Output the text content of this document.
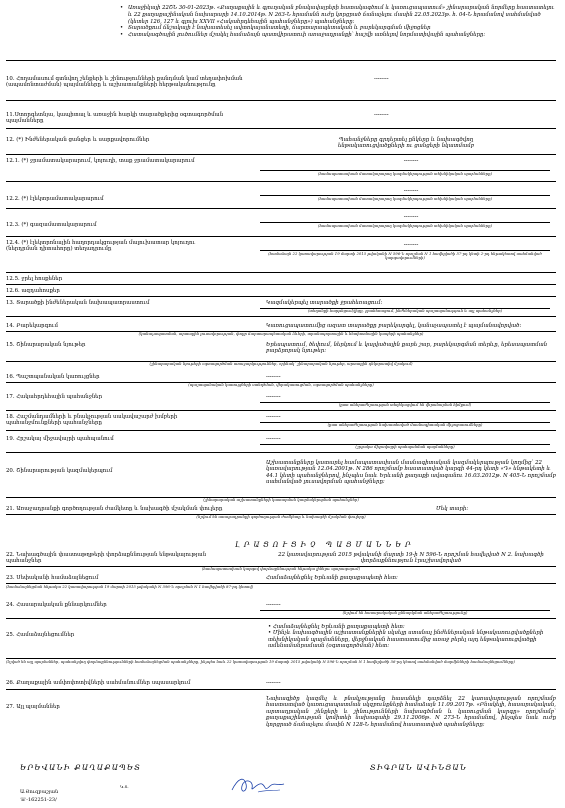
• Առաջիկայի 22ՇՆ 30-01-2023թ. «Քաղաքային և գյուղական բնակավայրերի հատակագծում և կառուցապատում» շինարարական նորմերը հաստատելու և 22 քաղաքաշինական նախարարի 14.10.2014թ. N 263-Ն հրամանն ուժը կորցրած ճանաչելու մասին 22.05.2023թ. հ. 04-Ն հրամանով սահմանված (կետեր 126, 127 և գլուխ XXVII «Հակահրդեհային պահանջները») պահանջները:

• Տարածքում ճնշակայի է նախատեսել ավտոկայանատեղի, ճարտարապետական և բարեկարգման միջոցներ

• Հատակագծային լուծումներ մշակել համաձայն պատվիրատուի առաջադրանքի՝ հաշվի առնելով նորմատիվային պահանջները:

10. Հողամասում գտնվող շենքերի և շինությունների քանդման կամ տեղափոխման (ապամոնտաժման) պայմանները և աշխատանքների հերթականությունը
--------
11.Ստորգետնյա, կապիտալ և առաջին հարկի տարածքերից օգտագործման պայմանները
--------
12. (*) Ինժեներական ցանցեր և սարքավորումներ	Պահանջները գրդերտել ընկերը և նախագծվող ենթակառուցվածքների ու ցանցերի նկատմամբ
12.1. (*) ջրամատակարարում, կոյուղի, տաք ջրամատակարարում	--------
(համապատասխան մատակարարող կազմակերպության տեխնիկական պայմանները)
12.2. (*) էլեկտրամատակարարում
--------
(համապատասխան մատակարարող կազմակերպության տեխնիկական պայմանները)
12.3. (*) գազամատակարարում
--------
(համապատասխան մատակարարող կազմակերպության տեխնիկական պայմանները)
12.4. (*) էլեկտրոնային հաղորդակցության մալուխատար կոյուղու (ներդրման դիտահորը) տեղադրումը
--------
(համաձայն 22 կառավարության 19 մարտի 2015 թվականի N 596-Ն որոշման N 1 հավելվածի 57-րդ կետի 2-րդ ենթակետով սահմանված կարգավորումների)
12.5. ջրել հոսքեներ
12.6. ազդահոսքեր
13. Տարածքի ինժեներական նախապատրաստում	Կազմակերպել տարածքի ջրահեռացում:
(տեղանքի հարթեցում/լիցք, ջրահեռացում, ինժեներական պաշտպանություն և այլ պահանջներ)
14. Բարեկարգում	Կառուցապատումից ազատ տարածքը բարեկարգել, կանաչապատել է պայմանավորված:
(կանաչապատման, արտաքին լուսավորության, փոքր ճարտարապետական ձևերի, տրանսպորտային և հետիոտնային կապերի պահանջներ)
15. Շինարարական նյութեր	Երեսպատում, ծեփում, ներկում և կալվածային քարե շար, բարեկարգման տերևը, երեսապատման բարձրորակ նյութեր:
(շինարարական նյութերի օգտագործման առաջարկություններ, օրինակ՝ շինարարական նյութեր, արտաքին դեկորատիվ մշակում)
16. Պաշտպանական կառույցներ	--------
(պաշտպանական կառույցների ստեղծման, վերակառուցման, օգտագործման պահանջները)
17. Հակահրդեհային պահանջներ	--------
(ըստ անհրաժեշտության տեղեկացվում են վերանայման հիմքում)
18. Հաշմանդամների և բնակչության սակավաշարժ խմբերի պահանջմունքների պահանջները
--------
(ըստ անհրաժեշտության նախատեսված մասնագիտական միջոցառումները)
19. Հրշակայ միջավայրի պահպանում	--------
(շրջակա միջավայրի պահպանման պայմանները)
20. Շինարարության կազմակերպում
Աշխատանքները կատարել համապատասխան մասնագիտական կազմակերպության կողմից՝ 22 կառավարության 12.04.2001թ. N 286 որոշմամբ հաստատված կարգի 44-րդ կետի «Դ» ենթակետի և 44.1 կետի պահանջներով, ինչպես նաև Երևանի քաղաքի ավագանու 16.03.2012թ. N 405-Ն որոշմամբ սահմանված լուսավորման պահանջները:
(շինարարական աշխատանքների կատարման կազմակերպման պահանջներ)
21. Առաջադրանքի գործողության ժամկետը և նախագծի մշակման փուլերը	Մեկ տարի:
(նշվում են առաջադրանքի գործողության ժամկետը և նախագծի մշակման փուլերը)
ԼՐԱՑՈՒՑԻՉ ՊԱՅՄԱՆՆԵՐ
22. Նախագծային փաստաթղթերի փորձաքննության ենթակայության պահանջներ
22 կառավարության 2015 թվականի մարտի 19-ի N 596-Ն որոշման հավելված N 2. նախագծի փորձաքննություն էրաշխավորված
(համապատասխան կարգով փորձաքննության ենթակա լինելու պարագայում)
23. Սեփականի համաձայնեցում	Համաձայնեցնել Երևանի քաղաքապետի հետ:
(համաձայնեցման ենթակա 22 կառավարության 19 մարտի 2015 թվականի N 596-Ն որոշման N 1 հավելվածի 87-րդ կետով)
24. Հասարակական քննարկումներ	--------
(նշվում են հասարակական քննարկման անհրաժեշտությունը)
25. Համաձայնեցումներ
• Համաձայնեցնել Երևանի քաղաքապետի հետ:
• Մինչև նախագծային աշխատանքներին սկսելը ստանալ ինժեներական ենթակառուցվածքների տեխնիկական պայմանները, վերջնական հաստատումից առաջ բերել այդ ենթակառուցվածքի ամենամանրամասն (օգտագործման) հետ:
(նշված են այլ պայմաններ, պահանջվող փորձաքննությունների համաձայնեցման պահանջները, ինչպես նաև 22 կառավարության 19 մարտի 2015 թվականի N 596-Ն որոշման N 1 հավելվածի 56-րդ կետով սահմանված մարմինների համաձայնեցումները)
26. Քաղաքային ամփոփոտիվների սահմանումներ սպասարկում	--------
27. Այլ պայմաններ
Նախագիծը կազմել և բնակչությանը հասանելի դարձնել 22 կառավարության որոշմամբ հաստատված կառուցապատման սկզբունքների համաձայն 11.09.2017թ. «Բնակելի, հասարակական, արտադրական շենքերի և շինությունների նախագծման և կառուցման կարգը» որոշմամբ՝ քաղաքաշինության կոմիտեի նախագահի 29.11.2006թ. N 273-Ն հրամանով, ինչպես նաև ուժը կորցրած ճանաչելու մասին N 128-Ն հրամանով հաստատված պահանջները:
ԵՐԵՎԱՆԻ ՔԱՂԱՔԱՊԵՏ	ՏԻԳՐԱՆ ԱՎԻՆՅԱՆ
Կ.Տ.
Ա.Յուզբաշյան
☏-162251-23/
